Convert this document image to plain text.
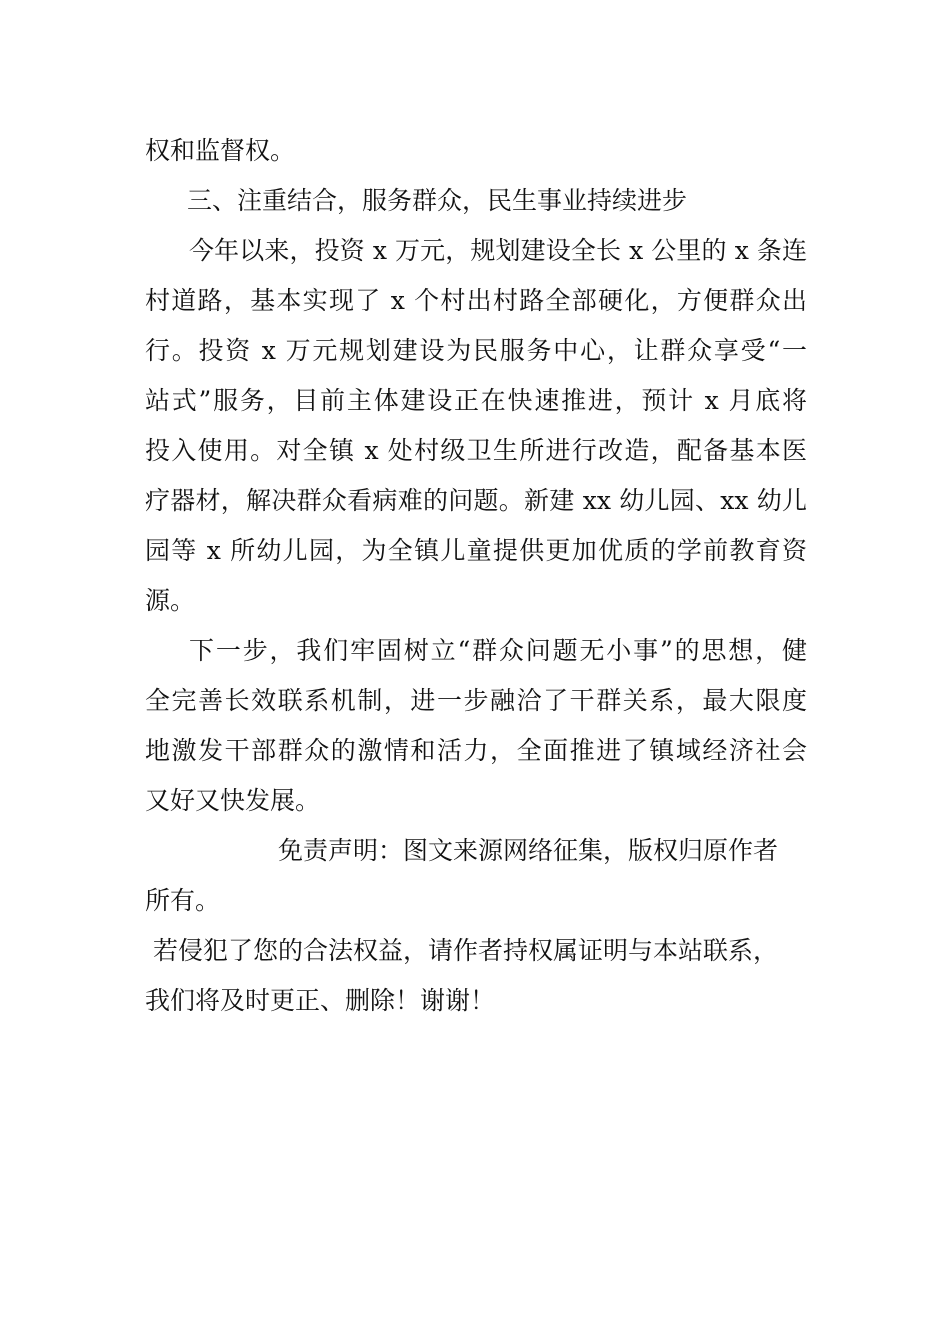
权和监督权。
三、注重结合，服务群众，民生事业持续进步
今年以来，投资 x 万元，规划建设全长 x 公里的 x 条连
村道路，基本实现了 x 个村出村路全部硬化，方便群众出
行。投资 x 万元规划建设为民服务中心，让群众享受“一
站式”服务，目前主体建设正在快速推进，预计 x 月底将
投入使用。对全镇 x 处村级卫生所进行改造，配备基本医
疗器材，解决群众看病难的问题。新建 xx 幼儿园、xx 幼儿
园等 x 所幼儿园，为全镇儿童提供更加优质的学前教育资
源。
下一步，我们牢固树立“群众问题无小事”的思想，健
全完善长效联系机制，进一步融洽了干群关系，最大限度
地激发干部群众的激情和活力，全面推进了镇域经济社会
又好又快发展。
免责声明：图文来源网络征集，版权归原作者
所有。
若侵犯了您的合法权益，请作者持权属证明与本站联系，
我们将及时更正、删除！谢谢！
